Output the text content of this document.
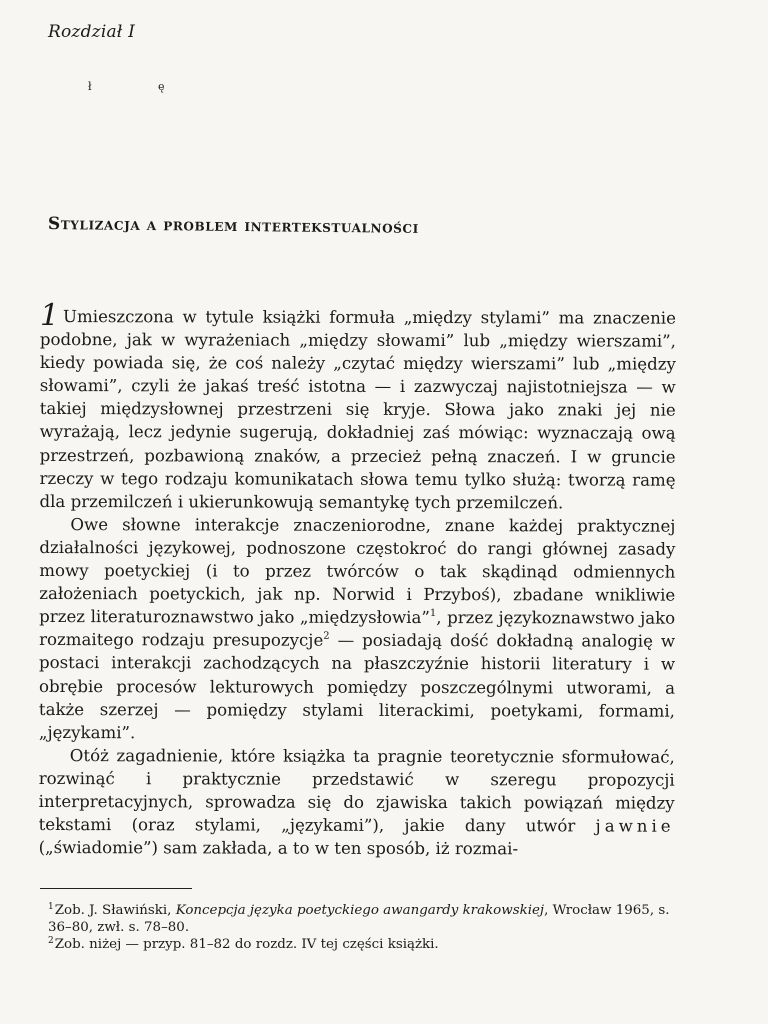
Rozdział I
ł	ę
Stylizacja a problem intertekstualności

1 Umieszczona w tytule książki formuła „między stylami” ma znaczenie podobne, jak w wyrażeniach „między słowami” lub „między wierszami”, kiedy powiada się, że coś należy „czytać między wierszami” lub „między słowami”, czyli że jakaś treść istotna — i zazwyczaj najistotniejsza — w takiej międzysłownej przestrzeni się kryje. Słowa jako znaki jej nie wyrażają, lecz jedynie sugerują, dokładniej zaś mówiąc: wyznaczają ową przestrzeń, pozbawioną znaków, a przecież pełną znaczeń. I w gruncie rzeczy w tego rodzaju komunikatach słowa temu tylko służą: tworzą ramę dla przemilczeń i ukierunkowują semantykę tych przemilczeń.

Owe słowne interakcje znaczeniorodne, znane każdej praktycznej działalności językowej, podnoszone częstokroć do rangi głównej zasady mowy poetyckiej (i to przez twórców o tak skądinąd odmiennych założeniach poetyckich, jak np. Norwid i Przyboś), zbadane wnikliwie przez literaturoznawstwo jako „międzysłowia”$^1$, przez językoznawstwo jako rozmaitego rodzaju presupozycje$^2$ — posiadają dość dokładną analogię w postaci interakcji zachodzących na płaszczyźnie historii literatury i w obrębie procesów lekturowych pomiędzy poszczególnymi utworami, a także szerzej — pomiędzy stylami literackimi, poetykami, formami, „językami”.

Otóż zagadnienie, które książka ta pragnie teoretycznie sformułować, rozwinąć i praktycznie przedstawić w szeregu propozycji interpretacyjnych, sprowadza się do zjawiska takich powiązań między tekstami (oraz stylami, „językami”), jakie dany utwór jawnie („świadomie”) sam zakłada, a to w ten sposób, iż rozmai-

$^1$Zob. J. Sławiński, Koncepcja języka poetyckiego awangardy krakowskiej, Wrocław 1965, s. 36–80, zwł. s. 78–80.

$^2$Zob. niżej — przyp. 81–82 do rozdz. IV tej części książki.
